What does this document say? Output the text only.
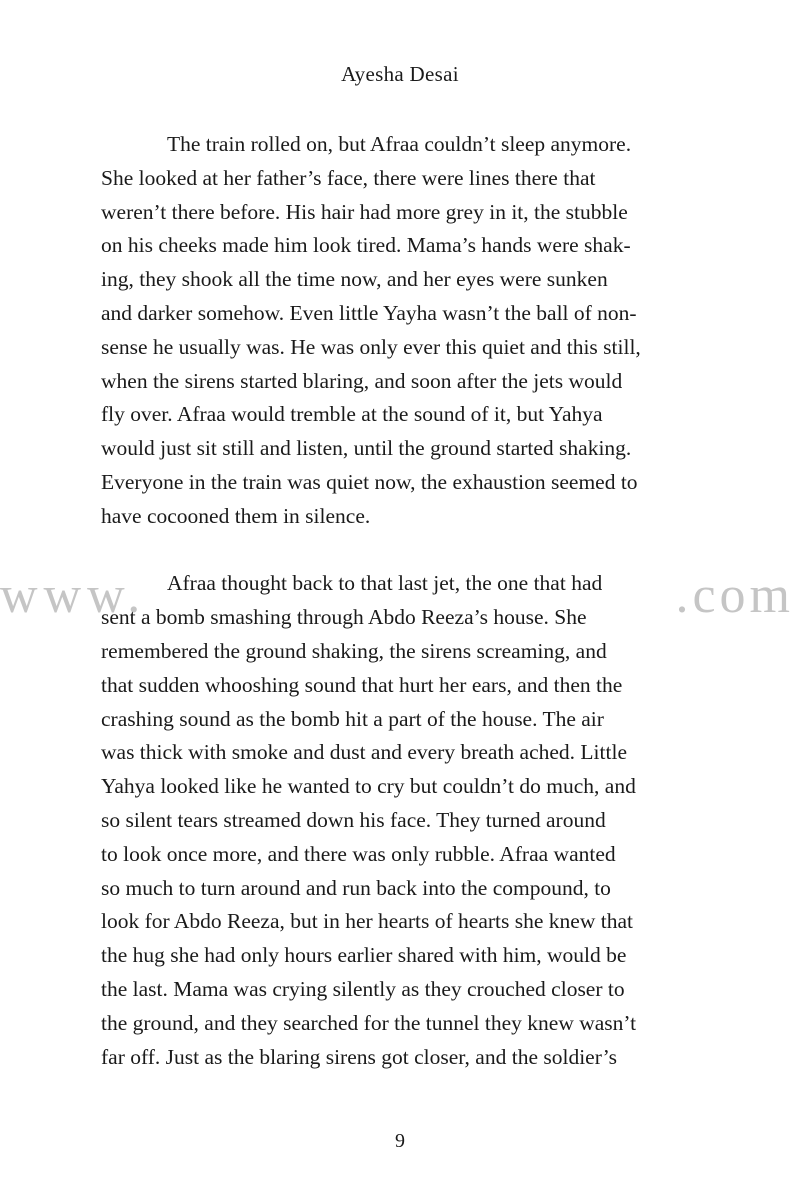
Ayesha Desai

The train rolled on, but Afraa couldn’t sleep anymore.
She looked at her father’s face, there were lines there that
weren’t there before. His hair had more grey in it, the stubble
on his cheeks made him look tired. Mama’s hands were shak-
ing, they shook all the time now, and her eyes were sunken
and darker somehow. Even little Yayha wasn’t the ball of non-
sense he usually was. He was only ever this quiet and this still,
when the sirens started blaring, and soon after the jets would
fly over. Afraa would tremble at the sound of it, but Yahya
would just sit still and listen, until the ground started shaking.
Everyone in the train was quiet now, the exhaustion seemed to
have cocooned them in silence.

Afraa thought back to that last jet, the one that had
sent a bomb smashing through Abdo Reeza’s house. She
remembered the ground shaking, the sirens screaming, and
that sudden whooshing sound that hurt her ears, and then the
crashing sound as the bomb hit a part of the house. The air
was thick with smoke and dust and every breath ached. Little
Yahya looked like he wanted to cry but couldn’t do much, and
so silent tears streamed down his face. They turned around
to look once more, and there was only rubble. Afraa wanted
so much to turn around and run back into the compound, to
look for Abdo Reeza, but in her hearts of hearts she knew that
the hug she had only hours earlier shared with him, would be
the last. Mama was crying silently as they crouched closer to
the ground, and they searched for the tunnel they knew wasn’t
far off. Just as the blaring sirens got closer, and the soldier’s

www.	.com
9
